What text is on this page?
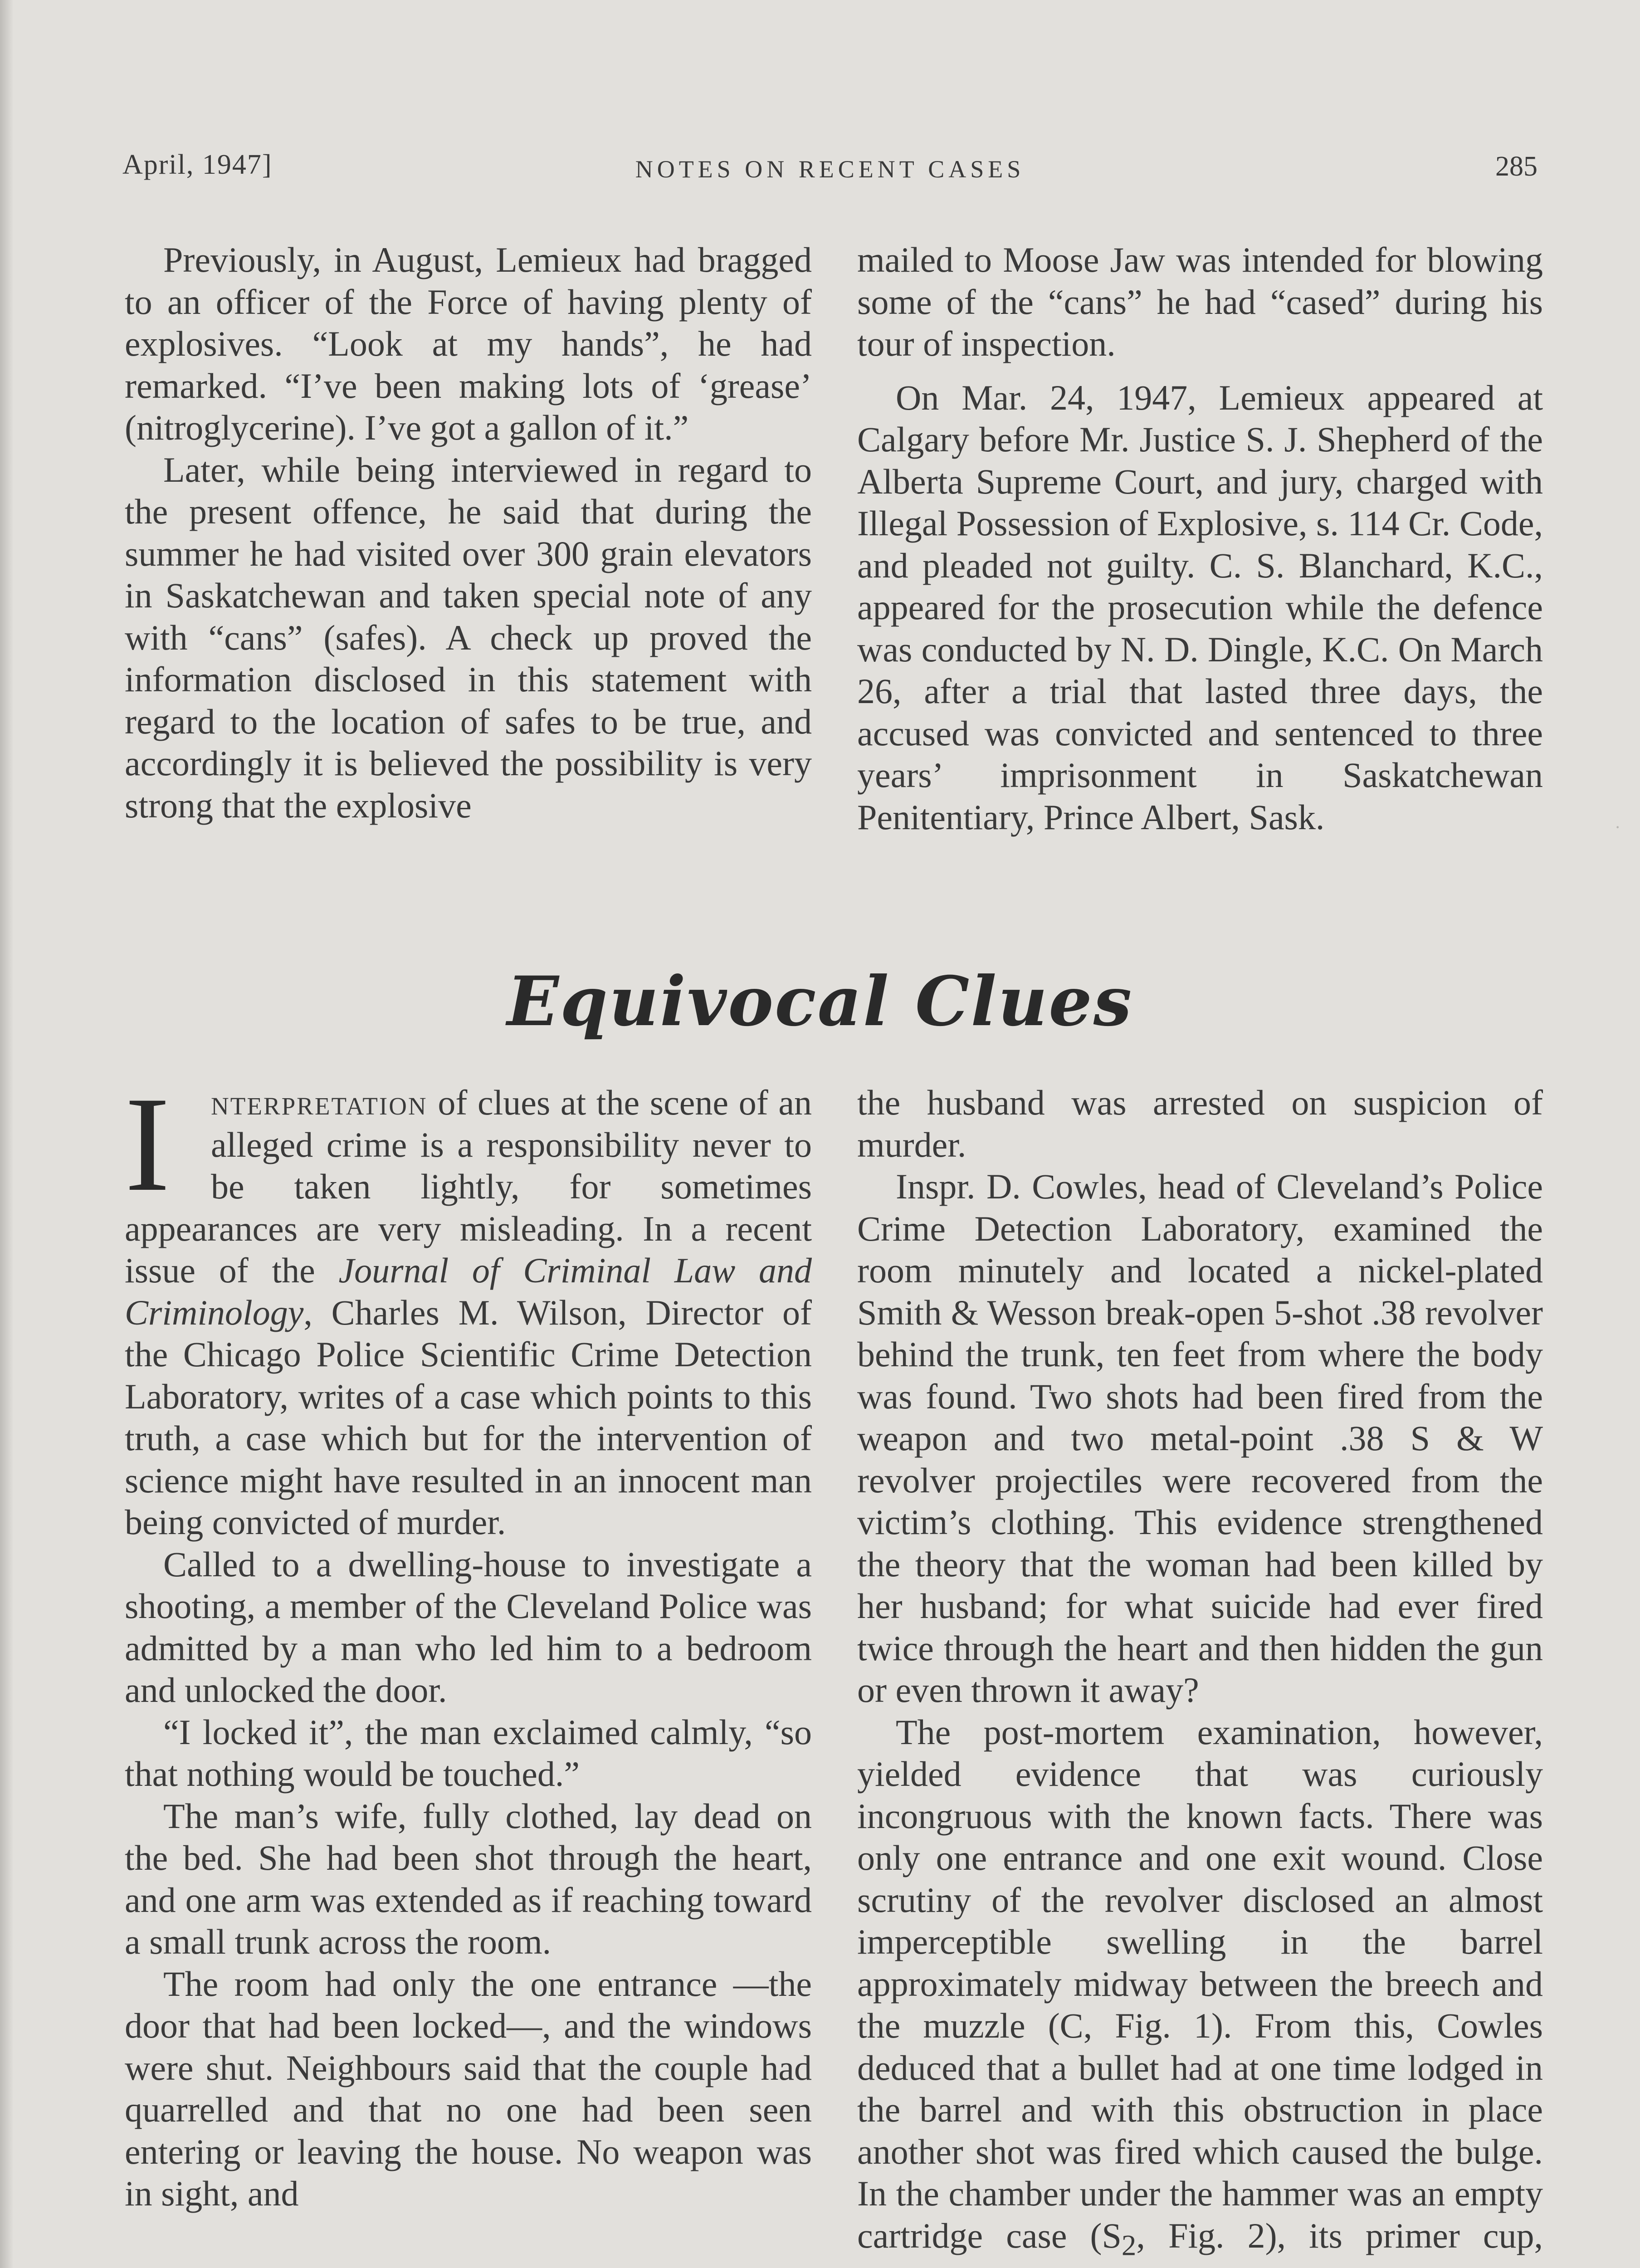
April, 1947]	NOTES ON RECENT CASES	285

Previously, in August, Lemieux had bragged to an officer of the Force of having plenty of explosives. “Look at my hands”, he had remarked. “I’ve been making lots of ‘grease’ (nitroglycerine). I’ve got a gallon of it.”

Later, while being interviewed in regard to the present offence, he said that during the summer he had visited over 300 grain elevators in Saskatchewan and taken special note of any with “cans” (safes). A check up proved the information disclosed in this statement with regard to the location of safes to be true, and accordingly it is believed the possibility is very strong that the explosive

mailed to Moose Jaw was intended for blowing some of the “cans” he had “cased” during his tour of inspection.

On Mar. 24, 1947, Lemieux appeared at Calgary before Mr. Justice S. J. Shepherd of the Alberta Supreme Court, and jury, charged with Illegal Possession of Explosive, s. 114 Cr. Code, and pleaded not guilty. C. S. Blanchard, K.C., appeared for the prosecution while the defence was conducted by N. D. Dingle, K.C. On March 26, after a trial that lasted three days, the accused was convicted and sentenced to three years’ imprisonment in Saskatchewan Penitentiary, Prince Albert, Sask.

Equivocal Clues

I	nterpretation of clues at the scene of an alleged crime is a responsibility never to be taken lightly, for sometimes appearances are very misleading. In a recent issue of the Journal of Criminal Law and Criminology, Charles M. Wilson, Director of the Chicago Police Scientific Crime Detection Laboratory, writes of a case which points to this truth, a case which but for the intervention of science might have resulted in an innocent man being convicted of murder.

Called to a dwelling-house to investigate a shooting, a member of the Cleveland Police was admitted by a man who led him to a bedroom and unlocked the door.

“I locked it”, the man exclaimed calmly, “so that nothing would be touched.”

The man’s wife, fully clothed, lay dead on the bed. She had been shot through the heart, and one arm was extended as if reaching toward a small trunk across the room.

The room had only the one entrance —the door that had been locked—, and the windows were shut. Neighbours said that the couple had quarrelled and that no one had been seen entering or leaving the house. No weapon was in sight, and

the husband was arrested on suspicion of murder.

Inspr. D. Cowles, head of Cleveland’s Police Crime Detection Laboratory, examined the room minutely and located a nickel-plated Smith & Wesson break-open 5-shot .38 revolver behind the trunk, ten feet from where the body was found. Two shots had been fired from the weapon and two metal-point .38 S & W revolver projectiles were recovered from the victim’s clothing. This evidence strengthened the theory that the woman had been killed by her husband; for what suicide had ever fired twice through the heart and then hidden the gun or even thrown it away?

The post-mortem examination, however, yielded evidence that was curiously incongruous with the known facts. There was only one entrance and one exit wound. Close scrutiny of the revolver disclosed an almost imperceptible swelling in the barrel approximately midway between the breech and the muzzle (C, Fig. 1). From this, Cowles deduced that a bullet had at one time lodged in the barrel and with this obstruction in place another shot was fired which caused the bulge. In the chamber under the hammer was an empty cartridge case ($S_2$, Fig. 2), its primer cup,

·
